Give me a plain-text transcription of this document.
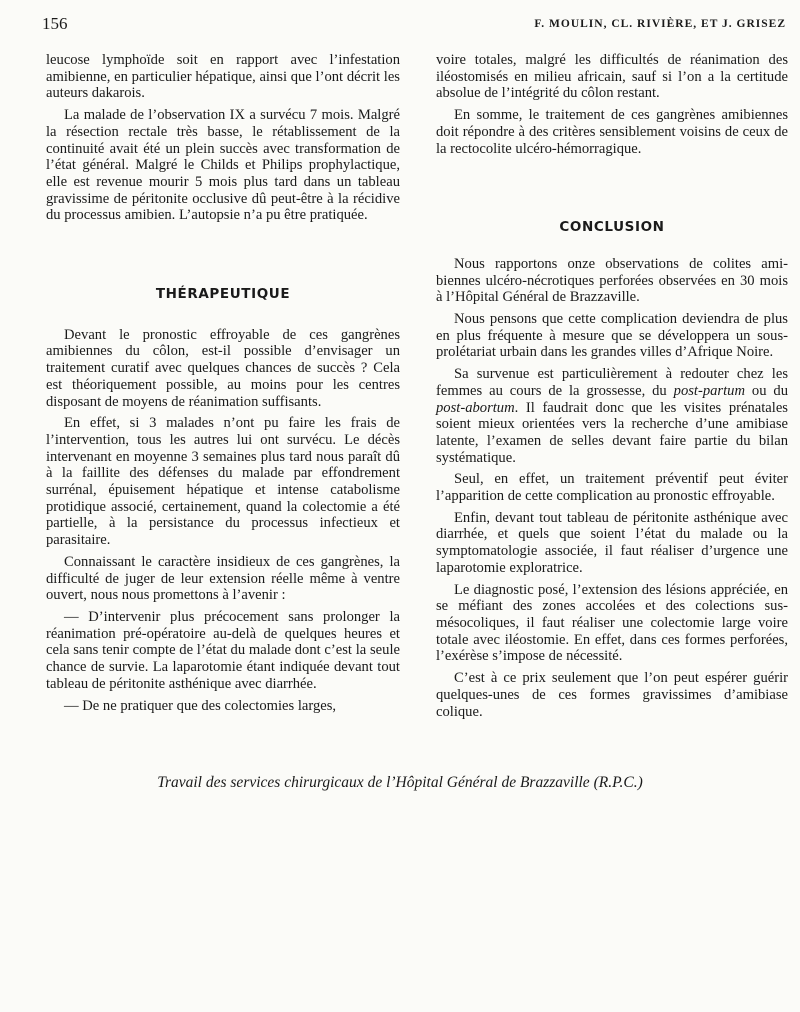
156	F. MOULIN, CL. RIVIÈRE, ET J. GRISEZ

leucose lymphoïde soit en rapport avec l’infestation amibienne, en particulier hépatique, ainsi que l’ont décrit les auteurs dakarois.

La malade de l’observation IX a survécu 7 mois. Malgré la résection rectale très basse, le rétablissement de la continuité avait été un plein succès avec transformation de l’état général. Malgré le Childs et Philips prophylactique, elle est revenue mourir 5 mois plus tard dans un tableau gravissime de péritonite occlusive dû peut-être à la récidive du processus amibien. L’autopsie n’a pu être pratiquée.

THÉRAPEUTIQUE

Devant le pronostic effroyable de ces gangrènes amibiennes du côlon, est-il possible d’envisager un traitement curatif avec quelques chances de succès ? Cela est théoriquement possible, au moins pour les centres disposant de moyens de réanimation suffisants.

En effet, si 3 malades n’ont pu faire les frais de l’intervention, tous les autres lui ont survécu. Le décès intervenant en moyenne 3 semaines plus tard nous paraît dû à la faillite des défenses du malade par effondrement surrénal, épuisement hépatique et intense catabolisme protidique associé, certainement, quand la colectomie a été partielle, à la persistance du processus infectieux et parasitaire.

Connaissant le caractère insidieux de ces gangrènes, la difficulté de juger de leur extension réelle même à ventre ouvert, nous nous promettons à l’avenir :

— D’intervenir plus précocement sans prolonger la réanimation pré-opératoire au-delà de quelques heures et cela sans tenir compte de l’état du malade dont c’est la seule chance de survie. La laparotomie étant indiquée devant tout tableau de péritonite asthénique avec diarrhée.

— De ne pratiquer que des colectomies larges,

voire totales, malgré les difficultés de réanimation des iléostomisés en milieu africain, sauf si l’on a la certitude absolue de l’intégrité du côlon restant.

En somme, le traitement de ces gangrènes amibiennes doit répondre à des critères sensiblement voisins de ceux de la rectocolite ulcéro-hémorragique.

CONCLUSION

Nous rapportons onze observations de colites amibiennes ulcéro-nécrotiques perforées observées en 30 mois à l’Hôpital Général de Brazzaville.

Nous pensons que cette complication deviendra de plus en plus fréquente à mesure que se développera un sous-prolétariat urbain dans les grandes villes d’Afrique Noire.

Sa survenue est particulièrement à redouter chez les femmes au cours de la grossesse, du post-partum ou du post-abortum. Il faudrait donc que les visites prénatales soient mieux orientées vers la recherche d’une amibiase latente, l’examen de selles devant faire partie du bilan systématique.

Seul, en effet, un traitement préventif peut éviter l’apparition de cette complication au pronostic effroyable.

Enfin, devant tout tableau de péritonite asthénique avec diarrhée, et quels que soient l’état du malade ou la symptomatologie associée, il faut réaliser d’urgence une laparotomie exploratrice.

Le diagnostic posé, l’extension des lésions appréciée, en se méfiant des zones accolées et des colections sus-mésocoliques, il faut réaliser une colectomie large voire totale avec iléostomie. En effet, dans ces formes perforées, l’exérèse s’impose de nécessité.

C’est à ce prix seulement que l’on peut espérer guérir quelques-unes de ces formes gravissimes d’amibiase colique.

Travail des services chirurgicaux de l’Hôpital Général de Brazzaville (R.P.C.)
